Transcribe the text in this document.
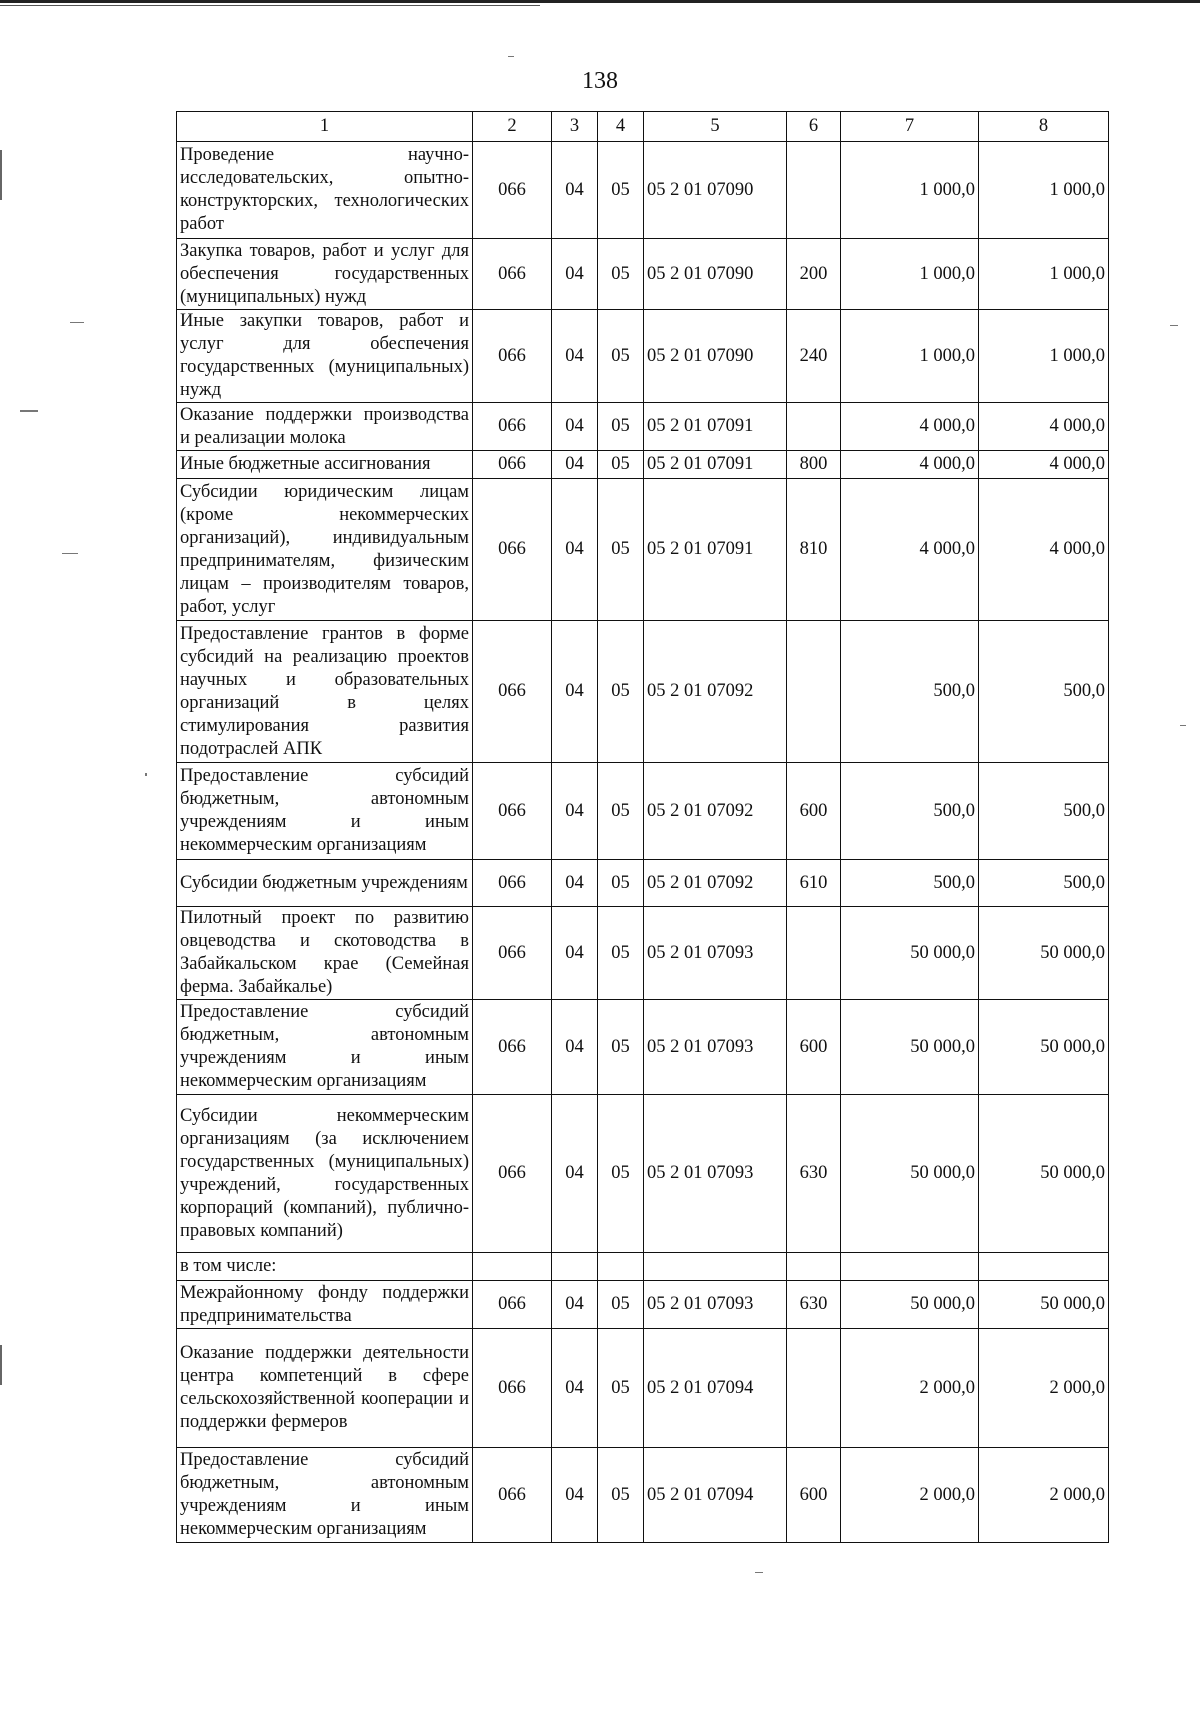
138
1	2	3	4	5	6	7	8
Проведение научно-исследовательских, опытно-конструкторских, технологических работ	066	04	05	05 2 01 07090		1 000,0	1 000,0
Закупка товаров, работ и услуг для обеспечения государственных (муниципальных) нужд	066	04	05	05 2 01 07090	200	1 000,0	1 000,0
Иные закупки товаров, работ и услуг для обеспечения государственных (муниципальных) нужд	066	04	05	05 2 01 07090	240	1 000,0	1 000,0
Оказание поддержки производства и реализации молока	066	04	05	05 2 01 07091		4 000,0	4 000,0
Иные бюджетные ассигнования	066	04	05	05 2 01 07091	800	4 000,0	4 000,0
Субсидии юридическим лицам (кроме некоммерческих организаций), индивидуальным предпринимателям, физическим лицам – производителям товаров, работ, услуг	066	04	05	05 2 01 07091	810	4 000,0	4 000,0
Предоставление грантов в форме субсидий на реализацию проектов научных и образовательных организаций в целях стимулирования развития подотраслей АПК	066	04	05	05 2 01 07092		500,0	500,0
Предоставление субсидий бюджетным, автономным учреждениям и иным некоммерческим организациям	066	04	05	05 2 01 07092	600	500,0	500,0
Субсидии бюджетным учреждениям	066	04	05	05 2 01 07092	610	500,0	500,0
Пилотный проект по развитию овцеводства и скотоводства в Забайкальском крае (Семейная ферма. Забайкалье)	066	04	05	05 2 01 07093		50 000,0	50 000,0
Предоставление субсидий бюджетным, автономным учреждениям и иным некоммерческим организациям	066	04	05	05 2 01 07093	600	50 000,0	50 000,0
Субсидии некоммерческим организациям (за исключением государственных (муниципальных) учреждений, государственных корпораций (компаний), публично-правовых компаний)	066	04	05	05 2 01 07093	630	50 000,0	50 000,0
в том числе:							
Межрайонному фонду поддержки предпринимательства	066	04	05	05 2 01 07093	630	50 000,0	50 000,0
Оказание поддержки деятельности центра компетенций в сфере сельскохозяйственной кооперации и поддержки фермеров	066	04	05	05 2 01 07094		2 000,0	2 000,0
Предоставление субсидий бюджетным, автономным учреждениям и иным некоммерческим организациям	066	04	05	05 2 01 07094	600	2 000,0	2 000,0
